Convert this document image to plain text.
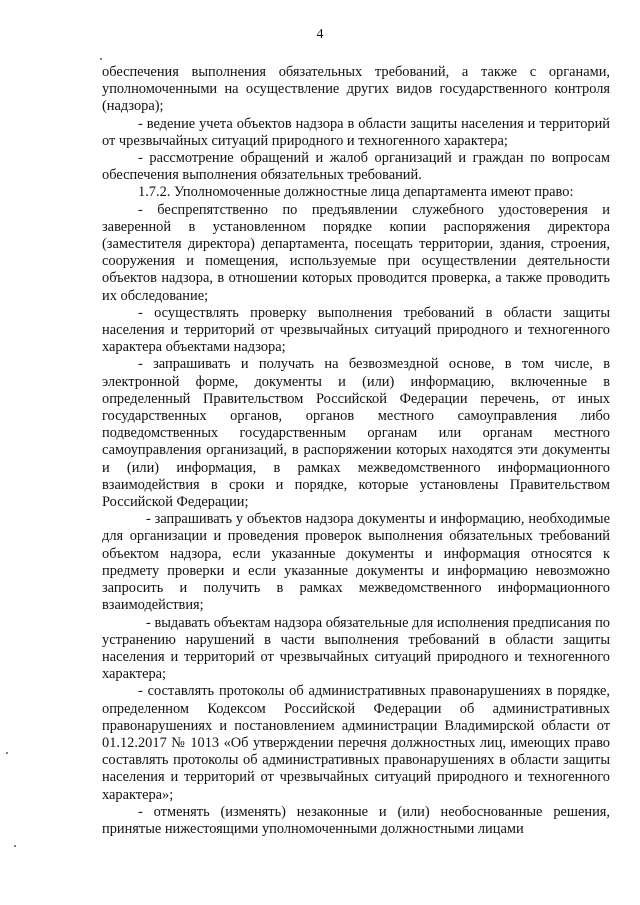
4

обеспечения выполнения обязательных требований, а также с органами, уполномоченными на осуществление других видов государственного контроля (надзора);

- ведение учета объектов надзора в области защиты населения и территорий от чрезвычайных ситуаций природного и техногенного характера;

- рассмотрение обращений и жалоб организаций и граждан по вопросам обеспечения выполнения обязательных требований.

1.7.2. Уполномоченные должностные лица департамента имеют право:

- беспрепятственно по предъявлении служебного удостоверения и заверенной в установленном порядке копии распоряжения директора (заместителя директора) департамента, посещать территории, здания, строения, сооружения и помещения, используемые при осуществлении деятельности объектов надзора, в отношении которых проводится проверка, а также проводить их обследование;

- осуществлять проверку выполнения требований в области защиты населения и территорий от чрезвычайных ситуаций природного и техногенного характера объектами надзора;

- запрашивать и получать на безвозмездной основе, в том числе, в электронной форме, документы и (или) информацию, включенные в определенный Правительством Российской Федерации перечень, от иных государственных органов, органов местного самоуправления либо подведомственных государственным органам или органам местного самоуправления организаций, в распоряжении которых находятся эти документы и (или) информация, в рамках межведомственного информационного взаимодействия в сроки и порядке, которые установлены Правительством Российской Федерации;

- запрашивать у объектов надзора документы и информацию, необходимые для организации и проведения проверок выполнения обязательных требований объектом надзора, если указанные документы и информация относятся к предмету проверки и если указанные документы и информацию невозможно запросить и получить в рамках межведомственного информационного взаимодействия;

- выдавать объектам надзора обязательные для исполнения предписания по устранению нарушений в части выполнения требований в области защиты населения и территорий от чрезвычайных ситуаций природного и техногенного характера;

- составлять протоколы об административных правонарушениях в порядке, определенном Кодексом Российской Федерации об административных правонарушениях и постановлением администрации Владимирской области от 01.12.2017 № 1013 «Об утверждении перечня должностных лиц, имеющих право составлять протоколы об административных правонарушениях в области защиты населения и территорий от чрезвычайных ситуаций природного и техногенного характера»;

- отменять (изменять) незаконные и (или) необоснованные решения, принятые нижестоящими уполномоченными должностными лицами
